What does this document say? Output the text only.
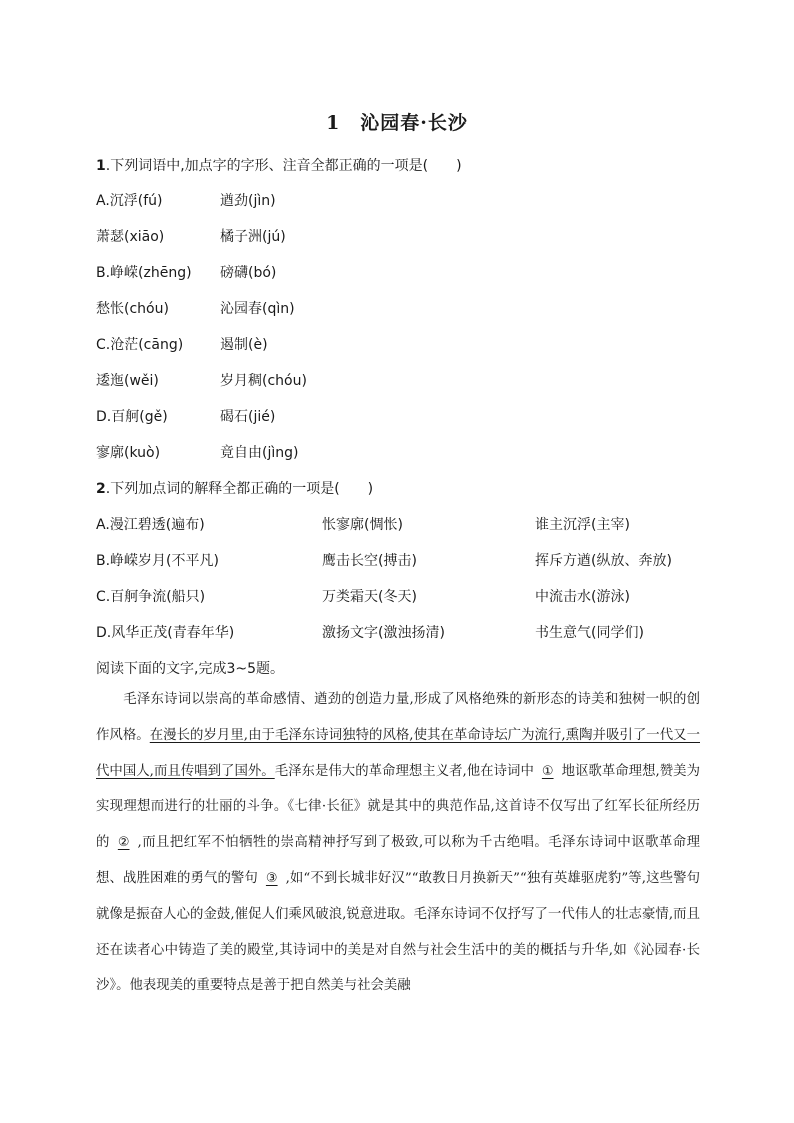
1　沁园春·长沙
1.下列词语中,加点字的字形、注音全都正确的一项是(　　)
A.沉浮(fú)	遒劲(jìn)
萧瑟(xiāo)	橘子洲(jú)
B.峥嵘(zhēng) 磅礴(bó)
愁怅(chóu)	沁园春(qìn)
C.沧茫(cāng)	遏制(è)
逶迤(wěi)	岁月稠(chóu)
D.百舸(gě)	碣石(jié)
寥廓(kuò)	竟自由(jìng)
2.下列加点词的解释全都正确的一项是(　　)
A.漫江碧透(遍布)	怅寥廓(惆怅)	谁主沉浮(主宰)
B.峥嵘岁月(不平凡)	鹰击长空(搏击)	挥斥方遒(纵放、奔放)
C.百舸争流(船只)	万类霜天(冬天)	中流击水(游泳)
D.风华正茂(青春年华)	激扬文字(激浊扬清)	书生意气(同学们)
阅读下面的文字,完成3~5题。
毛泽东诗词以崇高的革命感情、遒劲的创造力量,形成了风格绝殊的新形态的诗美和独树一帜的创作风格。在漫长的岁月里,由于毛泽东诗词独特的风格,使其在革命诗坛广为流行,熏陶并吸引了一代又一代中国人,而且传唱到了国外。毛泽东是伟大的革命理想主义者,他在诗词中 ① 地讴歌革命理想,赞美为实现理想而进行的壮丽的斗争。《七律·长征》就是其中的典范作品,这首诗不仅写出了红军长征所经历的 ② ,而且把红军不怕牺牲的崇高精神抒写到了极致,可以称为千古绝唱。毛泽东诗词中讴歌革命理想、战胜困难的勇气的警句 ③ ,如“不到长城非好汉”“敢教日月换新天”“独有英雄驱虎豹”等,这些警句就像是振奋人心的金鼓,催促人们乘风破浪,锐意进取。毛泽东诗词不仅抒写了一代伟人的壮志豪情,而且还在读者心中铸造了美的殿堂,其诗词中的美是对自然与社会生活中的美的概括与升华,如《沁园春·长沙》。他表现美的重要特点是善于把自然美与社会美融
